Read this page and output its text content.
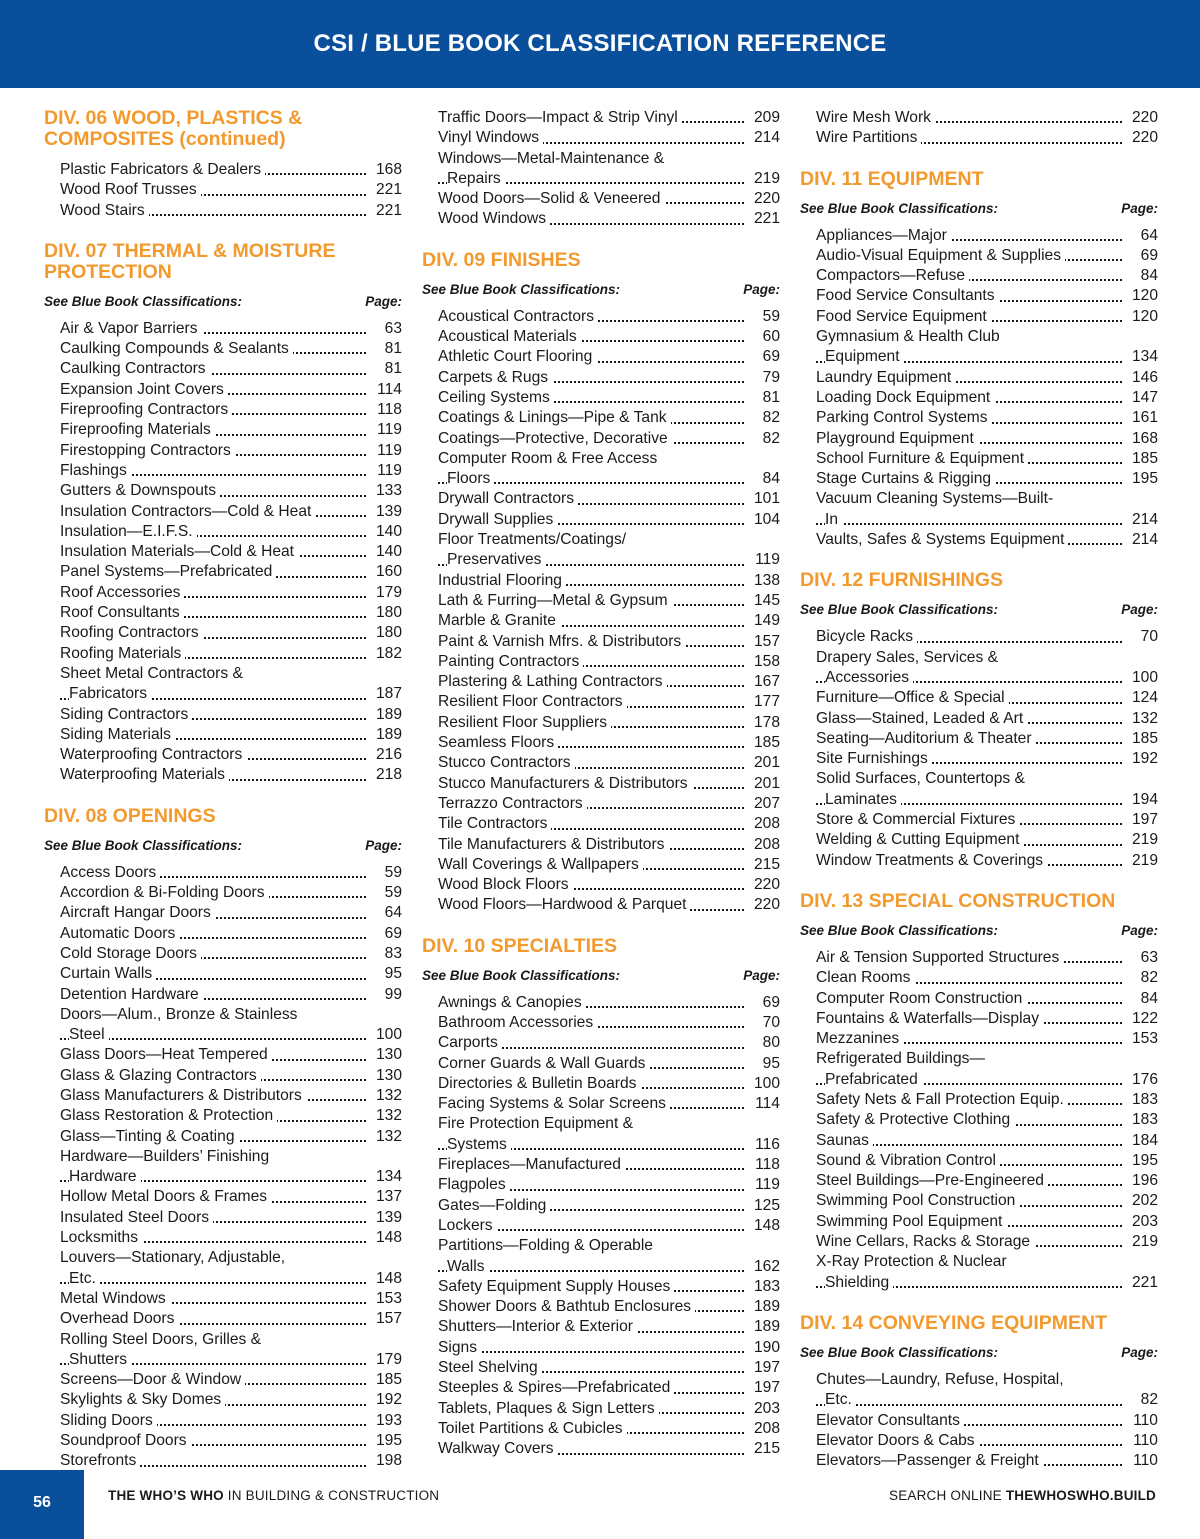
CSI / BLUE BOOK CLASSIFICATION REFERENCE
DIV. 06 WOOD, PLASTICS & COMPOSITES (continued)
Plastic Fabricators & Dealers	168
Wood Roof Trusses	221
Wood Stairs	221
DIV. 07 THERMAL & MOISTURE PROTECTION
See Blue Book Classifications:	Page:
Air & Vapor Barriers	63
Caulking Compounds & Sealants	81
Caulking Contractors	81
Expansion Joint Covers	114
Fireproofing Contractors	118
Fireproofing Materials	119
Firestopping Contractors	119
Flashings	119
Gutters & Downspouts	133
Insulation Contractors—Cold & Heat	139
Insulation—E.I.F.S.	140
Insulation Materials—Cold & Heat	140
Panel Systems—Prefabricated	160
Roof Accessories	179
Roof Consultants	180
Roofing Contractors	180
Roofing Materials	182
Sheet Metal Contractors &
Fabricators	187
Siding Contractors	189
Siding Materials	189
Waterproofing Contractors	216
Waterproofing Materials	218
DIV. 08 OPENINGS
See Blue Book Classifications:	Page:
Access Doors	59
Accordion & Bi-Folding Doors	59
Aircraft Hangar Doors	64
Automatic Doors	69
Cold Storage Doors	83
Curtain Walls	95
Detention Hardware	99
Doors—Alum., Bronze & Stainless
Steel	100
Glass Doors—Heat Tempered	130
Glass & Glazing Contractors	130
Glass Manufacturers & Distributors	132
Glass Restoration & Protection	132
Glass—Tinting & Coating	132
Hardware—Builders’ Finishing
Hardware	134
Hollow Metal Doors & Frames	137
Insulated Steel Doors	139
Locksmiths	148
Louvers—Stationary, Adjustable,
Etc.	148
Metal Windows	153
Overhead Doors	157
Rolling Steel Doors, Grilles &
Shutters	179
Screens—Door & Window	185
Skylights & Sky Domes	192
Sliding Doors	193
Soundproof Doors	195
Storefronts	198
Traffic Doors—Impact & Strip Vinyl	209
Vinyl Windows	214
Windows—Metal-Maintenance &
Repairs	219
Wood Doors—Solid & Veneered	220
Wood Windows	221
DIV. 09 FINISHES
See Blue Book Classifications:	Page:
Acoustical Contractors	59
Acoustical Materials	60
Athletic Court Flooring	69
Carpets & Rugs	79
Ceiling Systems	81
Coatings & Linings—Pipe & Tank	82
Coatings—Protective, Decorative	82
Computer Room & Free Access
Floors	84
Drywall Contractors	101
Drywall Supplies	104
Floor Treatments/Coatings/
Preservatives	119
Industrial Flooring	138
Lath & Furring—Metal & Gypsum	145
Marble & Granite	149
Paint & Varnish Mfrs. & Distributors	157
Painting Contractors	158
Plastering & Lathing Contractors	167
Resilient Floor Contractors	177
Resilient Floor Suppliers	178
Seamless Floors	185
Stucco Contractors	201
Stucco Manufacturers & Distributors	201
Terrazzo Contractors	207
Tile Contractors	208
Tile Manufacturers & Distributors	208
Wall Coverings & Wallpapers	215
Wood Block Floors	220
Wood Floors—Hardwood & Parquet	220
DIV. 10 SPECIALTIES
See Blue Book Classifications:	Page:
Awnings & Canopies	69
Bathroom Accessories	70
Carports	80
Corner Guards & Wall Guards	95
Directories & Bulletin Boards	100
Facing Systems & Solar Screens	114
Fire Protection Equipment &
Systems	116
Fireplaces—Manufactured	118
Flagpoles	119
Gates—Folding	125
Lockers	148
Partitions—Folding & Operable
Walls	162
Safety Equipment Supply Houses	183
Shower Doors & Bathtub Enclosures	189
Shutters—Interior & Exterior	189
Signs	190
Steel Shelving	197
Steeples & Spires—Prefabricated	197
Tablets, Plaques & Sign Letters	203
Toilet Partitions & Cubicles	208
Walkway Covers	215
Wire Mesh Work	220
Wire Partitions	220
DIV. 11 EQUIPMENT
See Blue Book Classifications:	Page:
Appliances—Major	64
Audio-Visual Equipment & Supplies	69
Compactors—Refuse	84
Food Service Consultants	120
Food Service Equipment	120
Gymnasium & Health Club
Equipment	134
Laundry Equipment	146
Loading Dock Equipment	147
Parking Control Systems	161
Playground Equipment	168
School Furniture & Equipment	185
Stage Curtains & Rigging	195
Vacuum Cleaning Systems—Built-
In	214
Vaults, Safes & Systems Equipment	214
DIV. 12 FURNISHINGS
See Blue Book Classifications:	Page:
Bicycle Racks	70
Drapery Sales, Services &
Accessories	100
Furniture—Office & Special	124
Glass—Stained, Leaded & Art	132
Seating—Auditorium & Theater	185
Site Furnishings	192
Solid Surfaces, Countertops &
Laminates	194
Store & Commercial Fixtures	197
Welding & Cutting Equipment	219
Window Treatments & Coverings	219
DIV. 13 SPECIAL CONSTRUCTION
See Blue Book Classifications:	Page:
Air & Tension Supported Structures	63
Clean Rooms	82
Computer Room Construction	84
Fountains & Waterfalls—Display	122
Mezzanines	153
Refrigerated Buildings—
Prefabricated	176
Safety Nets & Fall Protection Equip.	183
Safety & Protective Clothing	183
Saunas	184
Sound & Vibration Control	195
Steel Buildings—Pre-Engineered	196
Swimming Pool Construction	202
Swimming Pool Equipment	203
Wine Cellars, Racks & Storage	219
X-Ray Protection & Nuclear
Shielding	221
DIV. 14 CONVEYING EQUIPMENT
See Blue Book Classifications:	Page:
Chutes—Laundry, Refuse, Hospital,
Etc.	82
Elevator Consultants	110
Elevator Doors & Cabs	110
Elevators—Passenger & Freight	110
56	THE WHO’S WHO IN BUILDING & CONSTRUCTION	SEARCH ONLINE THEWHOSWHO.BUILD
